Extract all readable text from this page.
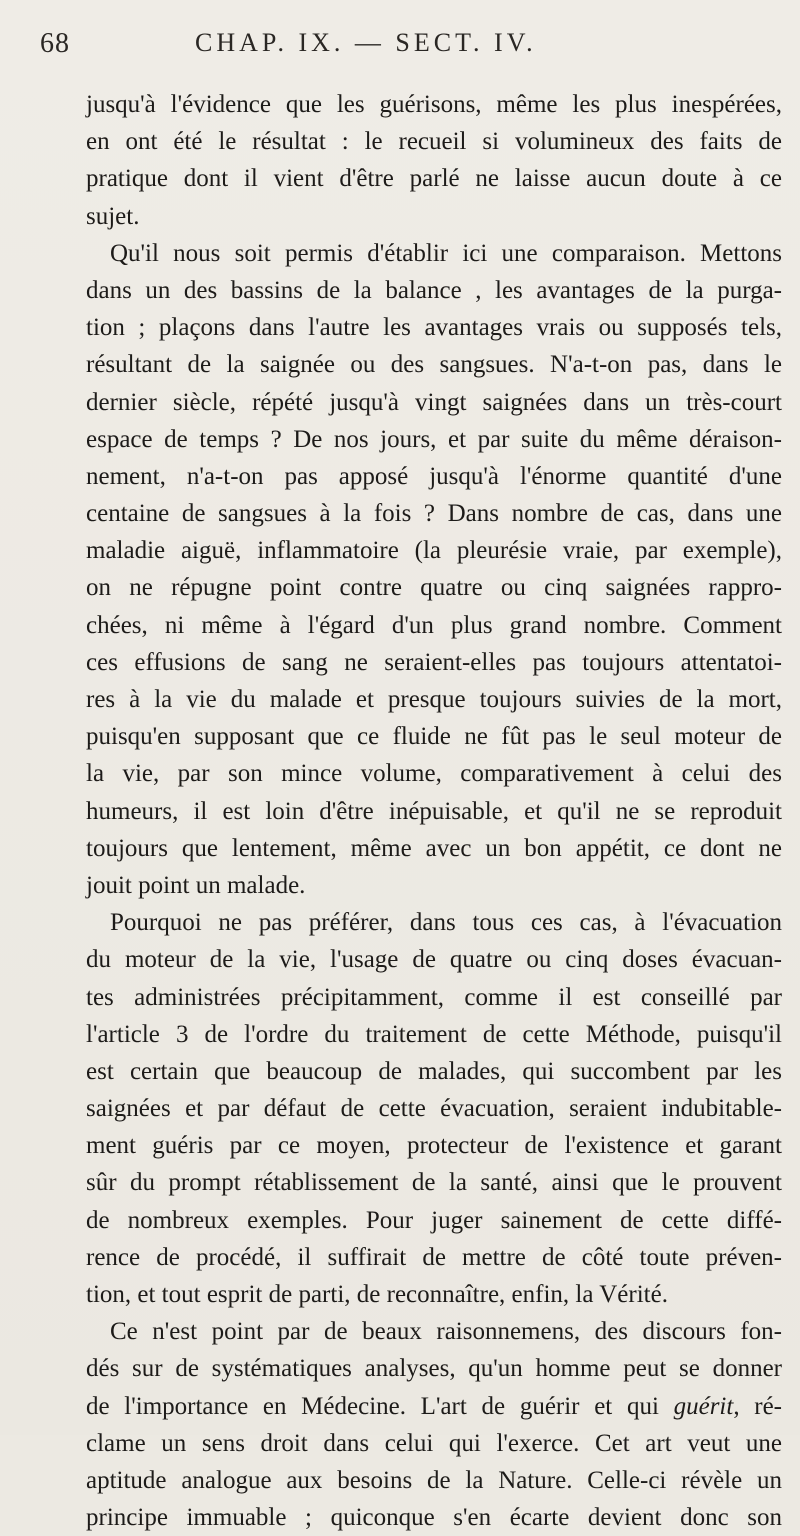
68	CHAP. IX. — SECT. IV.
jusqu'à l'évidence que les guérisons, même les plus inespérées,
en ont été le résultat : le recueil si volumineux des faits de
pratique dont il vient d'être parlé ne laisse aucun doute à ce
sujet.
Qu'il nous soit permis d'établir ici une comparaison. Mettons
dans un des bassins de la balance , les avantages de la purga-
tion ; plaçons dans l'autre les avantages vrais ou supposés tels,
résultant de la saignée ou des sangsues. N'a-t-on pas, dans le
dernier siècle, répété jusqu'à vingt saignées dans un très-court
espace de temps ? De nos jours, et par suite du même déraison-
nement, n'a-t-on pas apposé jusqu'à l'énorme quantité d'une
centaine de sangsues à la fois ? Dans nombre de cas, dans une
maladie aiguë, inflammatoire (la pleurésie vraie, par exemple),
on ne répugne point contre quatre ou cinq saignées rappro-
chées, ni même à l'égard d'un plus grand nombre. Comment
ces effusions de sang ne seraient-elles pas toujours attentatoi-
res à la vie du malade et presque toujours suivies de la mort,
puisqu'en supposant que ce fluide ne fût pas le seul moteur de
la vie, par son mince volume, comparativement à celui des
humeurs, il est loin d'être inépuisable, et qu'il ne se reproduit
toujours que lentement, même avec un bon appétit, ce dont ne
jouit point un malade.
Pourquoi ne pas préférer, dans tous ces cas, à l'évacuation
du moteur de la vie, l'usage de quatre ou cinq doses évacuan-
tes administrées précipitamment, comme il est conseillé par
l'article 3 de l'ordre du traitement de cette Méthode, puisqu'il
est certain que beaucoup de malades, qui succombent par les
saignées et par défaut de cette évacuation, seraient indubitable-
ment guéris par ce moyen, protecteur de l'existence et garant
sûr du prompt rétablissement de la santé, ainsi que le prouvent
de nombreux exemples. Pour juger sainement de cette diffé-
rence de procédé, il suffirait de mettre de côté toute préven-
tion, et tout esprit de parti, de reconnaître, enfin, la Vérité.
Ce n'est point par de beaux raisonnemens, des discours fon-
dés sur de systématiques analyses, qu'un homme peut se donner
de l'importance en Médecine. L'art de guérir et qui guérit, ré-
clame un sens droit dans celui qui l'exerce. Cet art veut une
aptitude analogue aux besoins de la Nature. Celle-ci révèle un
principe immuable ; quiconque s'en écarte devient donc son
